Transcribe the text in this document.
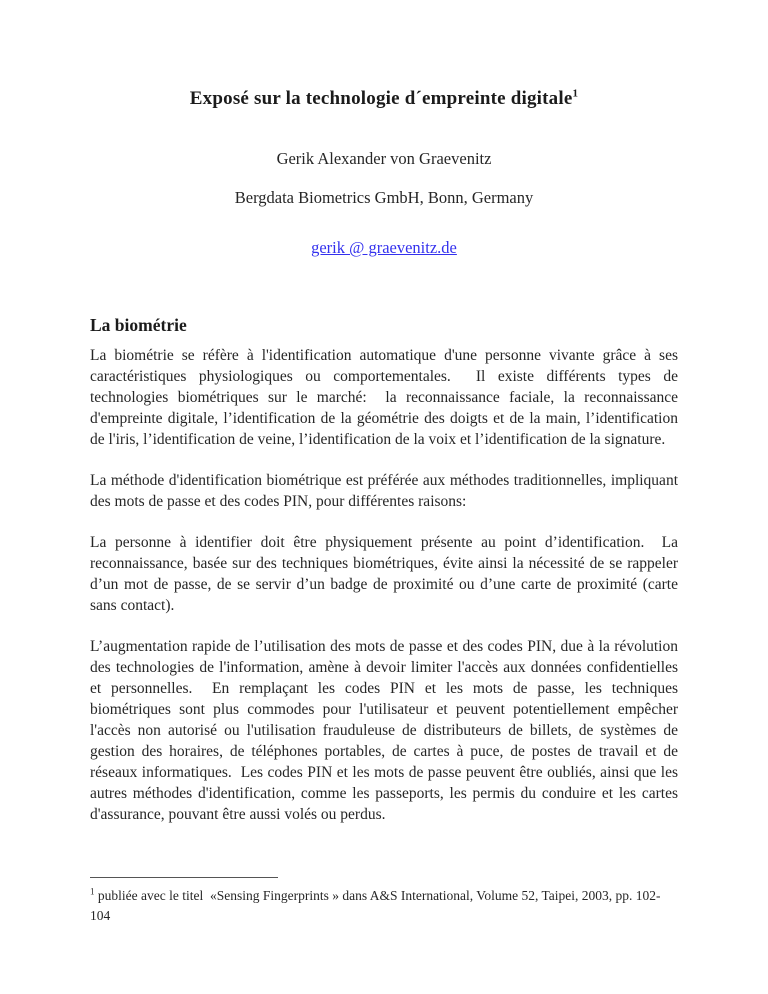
Exposé sur la technologie d´empreinte digitale$^1$
Gerik Alexander von Graevenitz
Bergdata Biometrics GmbH, Bonn, Germany
gerik @ graevenitz.de
La biométrie

La biométrie se réfère à l'identification automatique d'une personne vivante grâce à ses caractéristiques physiologiques ou comportementales.  Il existe différents types de technologies biométriques sur le marché:  la reconnaissance faciale, la reconnaissance d'empreinte digitale, l’identification de la géométrie des doigts et de la main, l’identification de l'iris, l’identification de veine, l’identification de la voix et l’identification de la signature.

La méthode d'identification biométrique est préférée aux méthodes traditionnelles, impliquant des mots de passe et des codes PIN, pour différentes raisons:

La personne à identifier doit être physiquement présente au point d’identification.  La reconnaissance, basée sur des techniques biométriques, évite ainsi la nécessité de se rappeler d’un mot de passe, de se servir d’un badge de proximité ou d’une carte de proximité (carte sans contact).

L’augmentation rapide de l’utilisation des mots de passe et des codes PIN, due à la révolution des technologies de l'information, amène à devoir limiter l'accès aux données confidentielles et personnelles.  En remplaçant les codes PIN et les mots de passe, les techniques biométriques sont plus commodes pour l'utilisateur et peuvent potentiellement empêcher l'accès non autorisé ou l'utilisation frauduleuse de distributeurs de billets, de systèmes de gestion des horaires, de téléphones portables, de cartes à puce, de postes de travail et de réseaux informatiques.  Les codes PIN et les mots de passe peuvent être oubliés, ainsi que les autres méthodes d'identification, comme les passeports, les permis du conduire et les cartes d'assurance, pouvant être aussi volés ou perdus.

$^1$ publiée avec le titel  «Sensing Fingerprints » dans A&S International, Volume 52, Taipei, 2003, pp. 102-104
